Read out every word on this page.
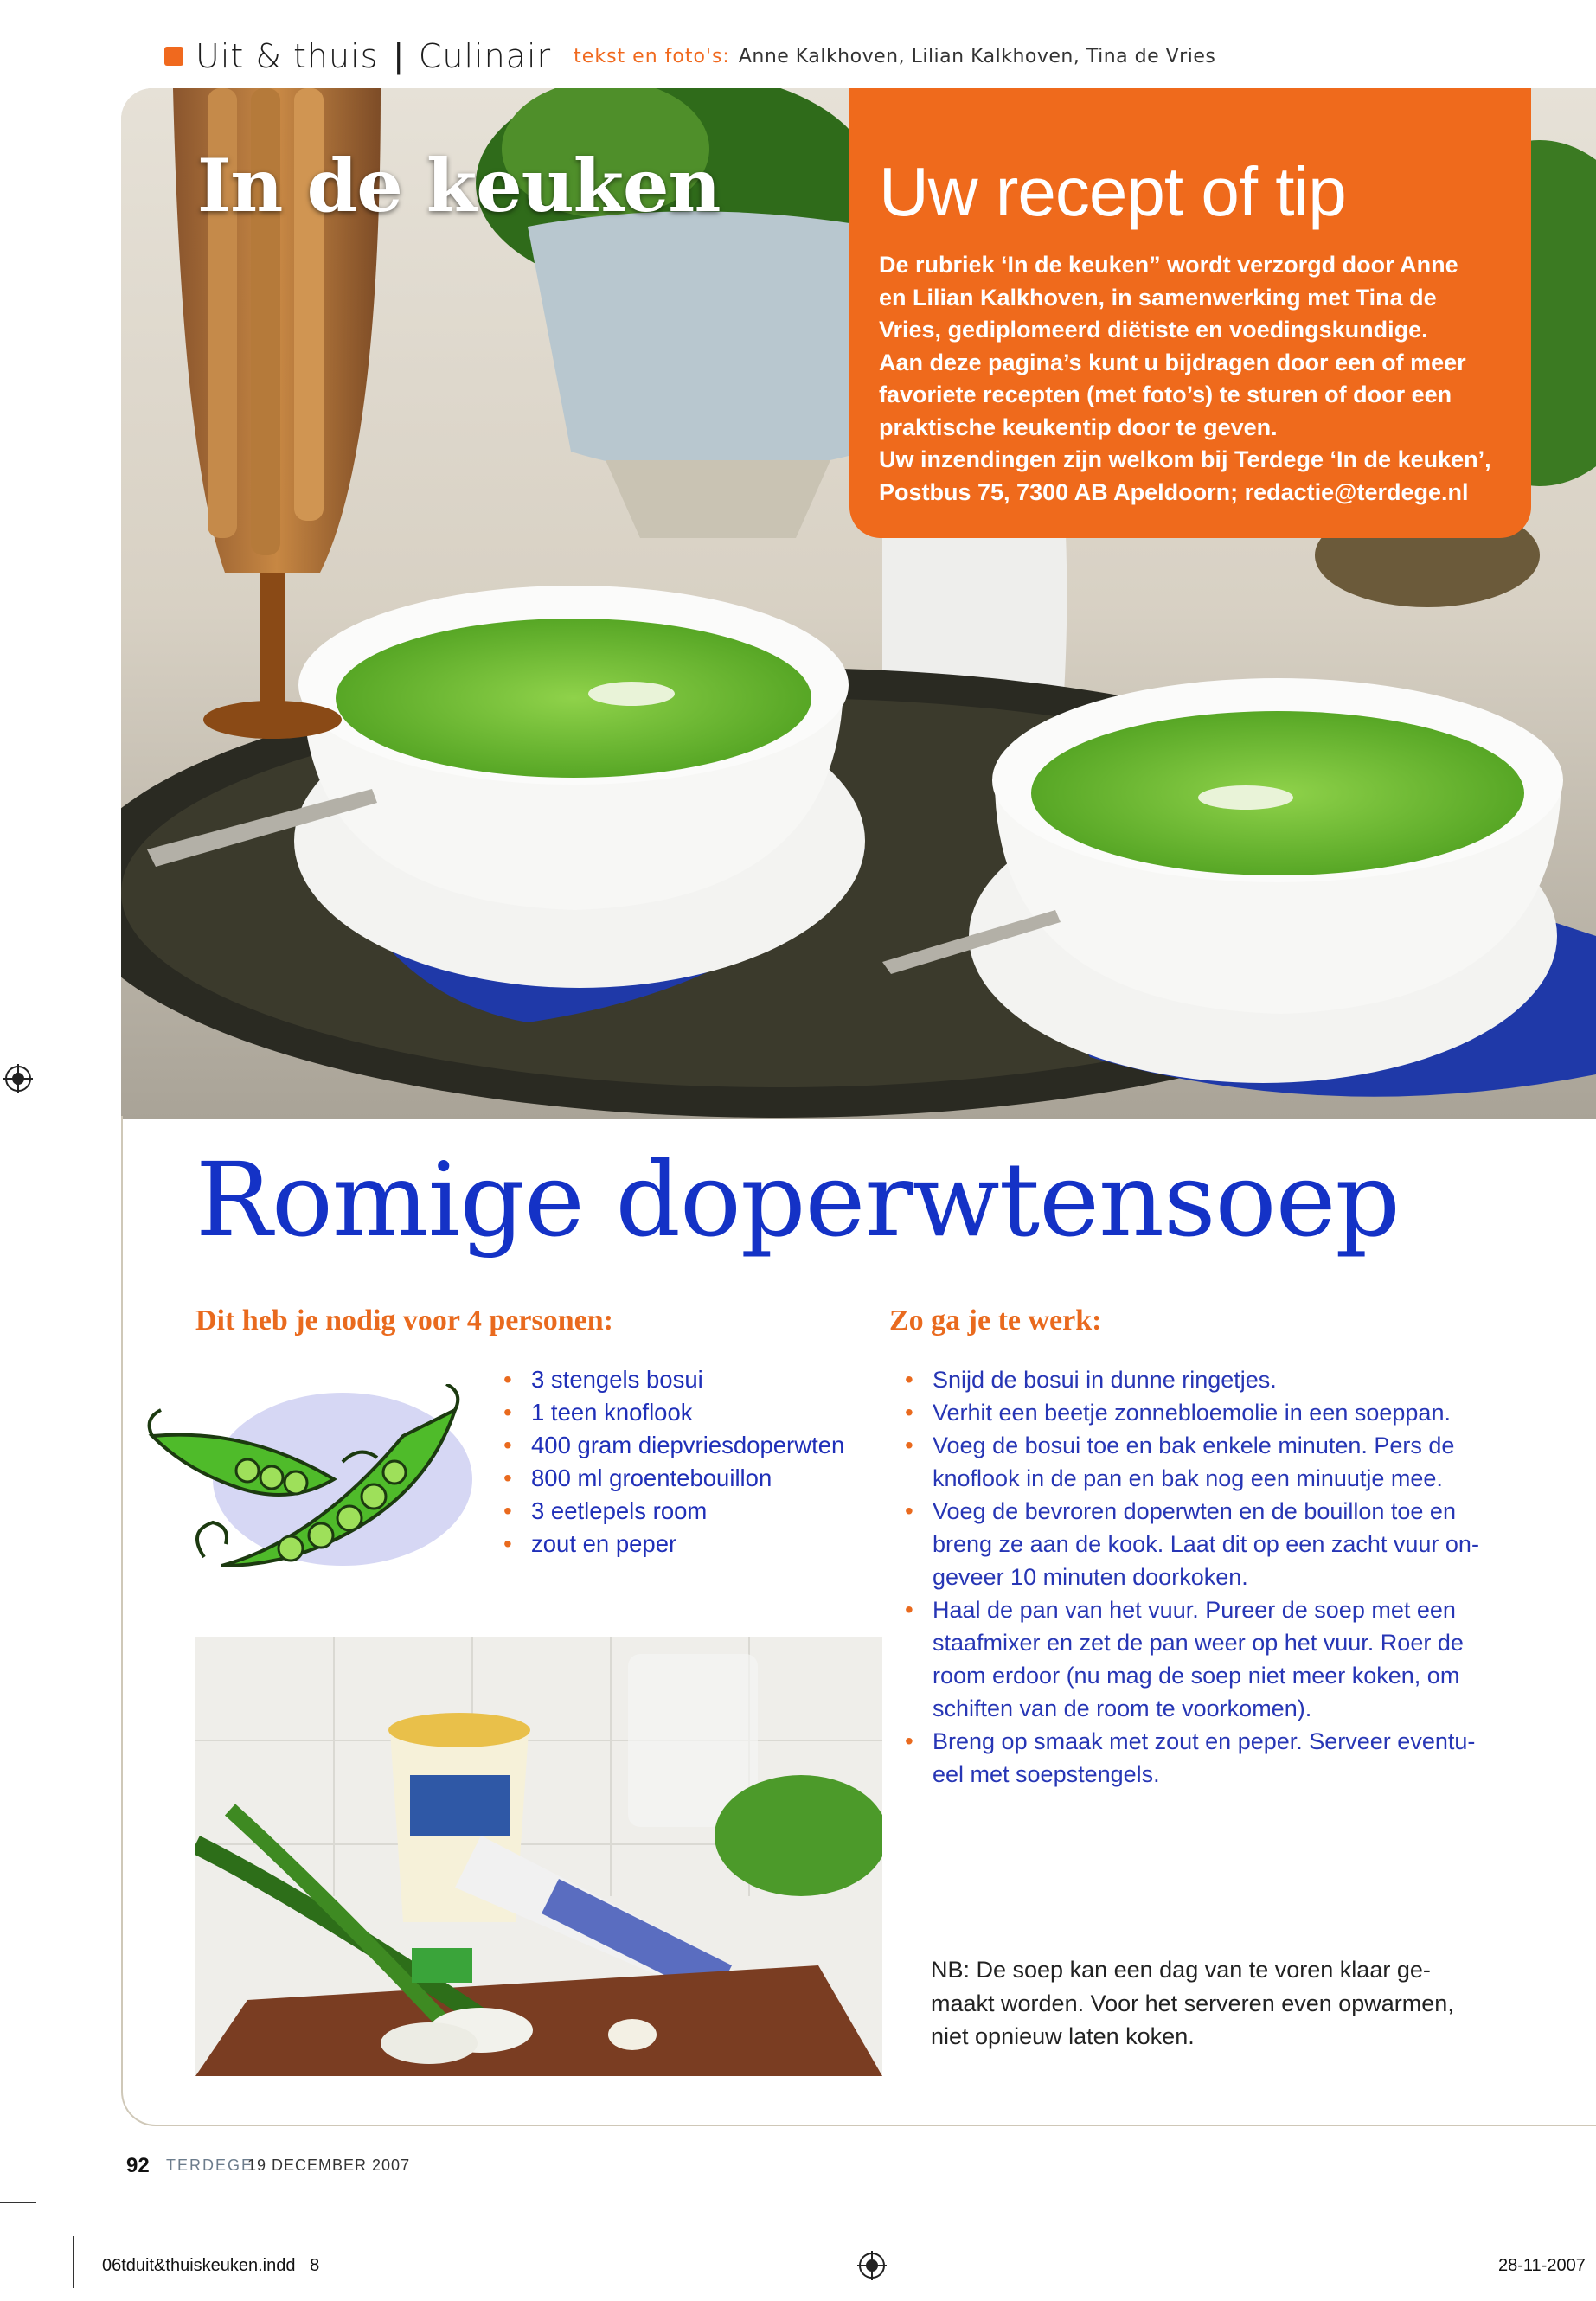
Uit & thuis | Culinair tekst en foto's: Anne Kalkhoven, Lilian Kalkhoven, Tina de Vries
In de keuken Uw recept of tip
De rubriek ‘In de keuken” wordt verzorgd door Anne
en Lilian Kalkhoven, in samenwerking met Tina de
Vries, gediplomeerd diëtiste en voedingskundige.
Aan deze pagina’s kunt u bijdragen door een of meer
favoriete recepten (met foto’s) te sturen of door een
praktische keukentip door te geven.
Uw inzendingen zijn welkom bij Terdege ‘In de keuken’,
Postbus 75, 7300 AB Apeldoorn; redactie@terdege.nl
Romige doperwtensoep
Dit heb je nodig voor 4 personen:	Zo ga je te werk:
• 3 stengels bosui
• 1 teen knoflook
• 400 gram diepvriesdoperwten
• 800 ml groentebouillon
• 3 eetlepels room
• zout en peper
• Snijd de bosui in dunne ringetjes.
• Verhit een beetje zonnebloemolie in een soeppan.
• Voeg de bosui toe en bak enkele minuten. Pers de
knoflook in de pan en bak nog een minuutje mee.
• Voeg de bevroren doperwten en de bouillon toe en
breng ze aan de kook. Laat dit op een zacht vuur on-
geveer 10 minuten doorkoken.
• Haal de pan van het vuur. Pureer de soep met een
staafmixer en zet de pan weer op het vuur. Roer de
room erdoor (nu mag de soep niet meer koken, om
schiften van de room te voorkomen).
• Breng op smaak met zout en peper. Serveer eventu-
eel met soepstengels.
NB: De soep kan een dag van te voren klaar ge-
maakt worden. Voor het serveren even opwarmen,
niet opnieuw laten koken.
92 TERDEGE
19 DECEMBER 2007
06tduit&thuiskeuken.indd   8	28-11-2007
